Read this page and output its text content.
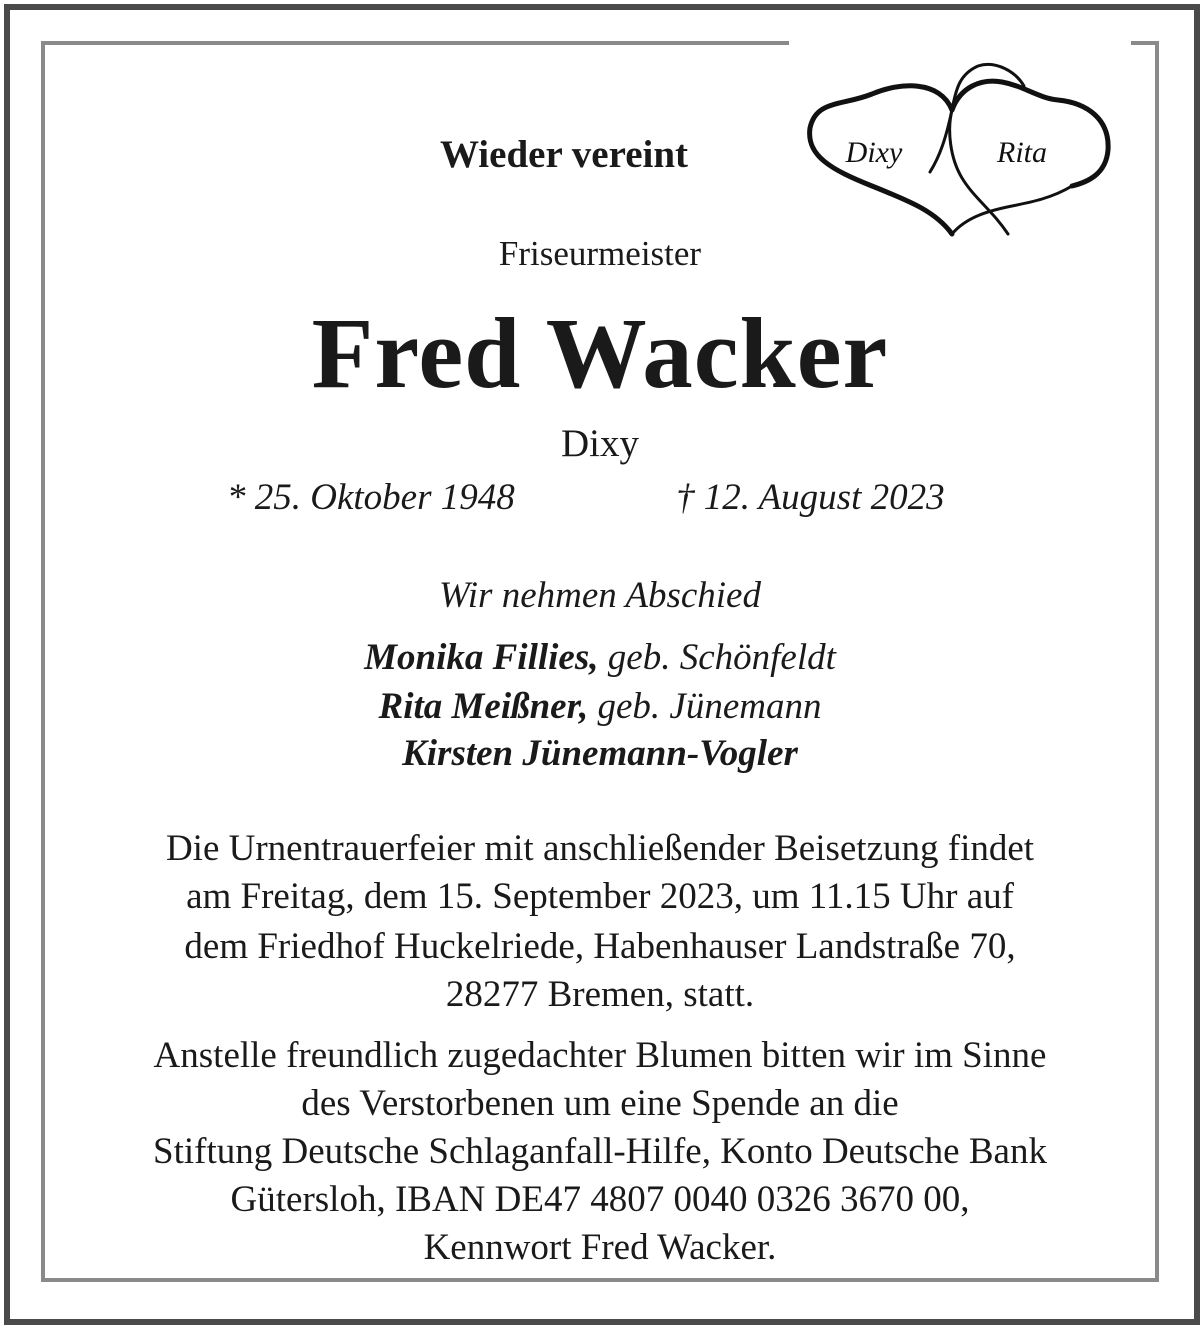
Wieder vereint	Dixy	Rita
Friseurmeister
Fred Wacker
Dixy
* 25. Oktober 1948	† 12. August 2023
Wir nehmen Abschied
Monika Fillies, geb. Schönfeldt
Rita Meißner, geb. Jünemann
Kirsten Jünemann-Vogler
Die Urnentrauerfeier mit anschließender Beisetzung findet
am Freitag, dem 15. September 2023, um 11.15 Uhr auf
dem Friedhof Huckelriede, Habenhauser Landstraße 70,
28277 Bremen, statt.
Anstelle freundlich zugedachter Blumen bitten wir im Sinne
des Verstorbenen um eine Spende an die
Stiftung Deutsche Schlaganfall-Hilfe, Konto Deutsche Bank
Gütersloh, IBAN DE47 4807 0040 0326 3670 00,
Kennwort Fred Wacker.
